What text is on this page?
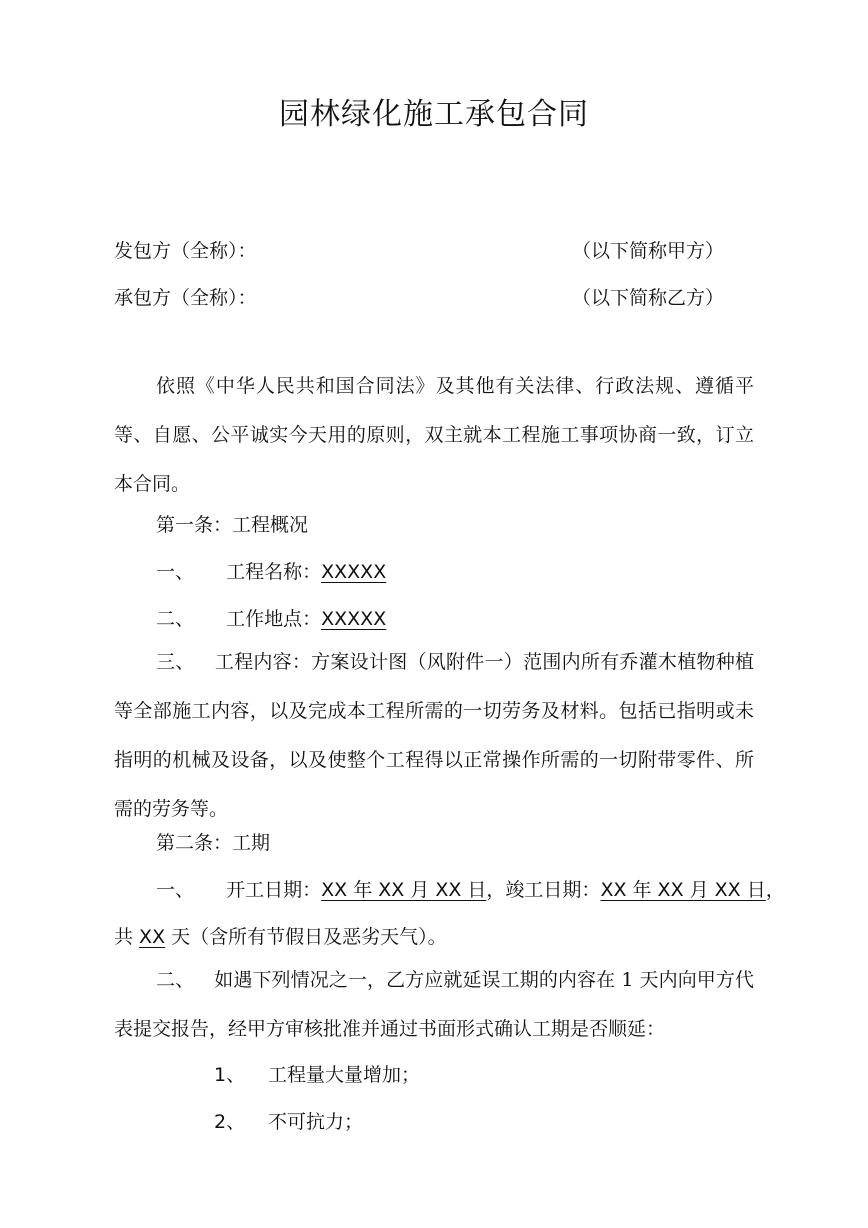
园林绿化施工承包合同
发包方（全称）：	（以下简称甲方）
承包方（全称）：	（以下简称乙方）
依照《中华人民共和国合同法》及其他有关法律、行政法规、遵循平等、自愿、公平诚实今天用的原则，双主就本工程施工事项协商一致，订立本合同。
第一条：工程概况
一、 工程名称：XXXXX
二、 工作地点：XXXXX
三、 工程内容：方案设计图（风附件一）范围内所有乔灌木植物种植等全部施工内容，以及完成本工程所需的一切劳务及材料。包括已指明或未指明的机械及设备，以及使整个工程得以正常操作所需的一切附带零件、所需的劳务等。
第二条：工期
一、 开工日期：XX 年 XX 月 XX 日，竣工日期：XX 年 XX 月 XX 日，
共 XX 天（含所有节假日及恶劣天气）。
二、 如遇下列情况之一，乙方应就延误工期的内容在 1 天内向甲方代表提交报告，经甲方审核批准并通过书面形式确认工期是否顺延：
1、 工程量大量增加；
2、 不可抗力；
